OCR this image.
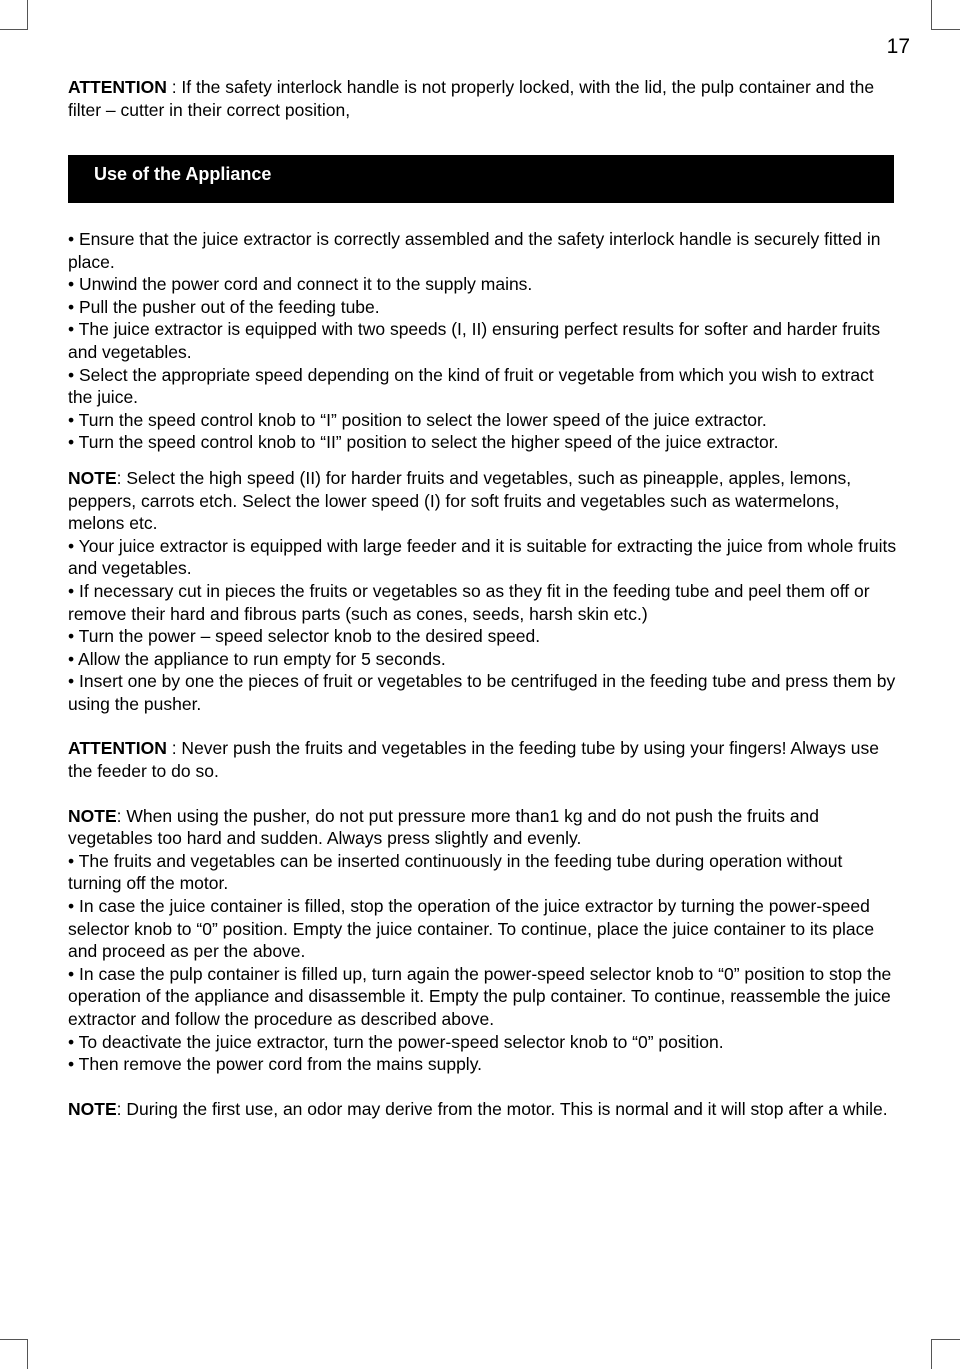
17
ATTENTION : If the safety interlock handle is not properly locked, with the lid, the pulp container and the filter – cutter in their correct position,
Use of the Appliance

• Ensure that the juice extractor is correctly assembled and the safety interlock handle is securely fitted in place.

• Unwind the power cord and connect it to the supply mains.

• Pull the pusher out of the feeding tube.

• The juice extractor is equipped with two speeds (I, II) ensuring perfect results for softer and harder fruits and vegetables.

• Select the appropriate speed depending on the kind of fruit or vegetable from which you wish to extract the juice.

• Turn the speed control knob to “I” position to select the lower speed of the juice extractor.

• Turn the speed control knob to “II” position to select the higher speed of the juice extractor.

NOTE: Select the high speed (II) for harder fruits and vegetables, such as pineapple, apples, lemons, peppers, carrots etch. Select the lower speed (I) for soft fruits and vegetables such as watermelons, melons etc.

• Your juice extractor is equipped with large feeder and it is suitable for extracting the juice from whole fruits and vegetables.

• If necessary cut in pieces the fruits or vegetables so as they fit in the feeding tube and peel them off or remove their hard and fibrous parts (such as cones, seeds, harsh skin etc.)

• Turn the power – speed selector knob to the desired speed.

• Allow the appliance to run empty for 5 seconds.

• Insert one by one the pieces of fruit or vegetables to be centrifuged in the feeding tube and press them by using the pusher.

ATTENTION : Never push the fruits and vegetables in the feeding tube by using your fingers! Always use the feeder to do so.

NOTE: When using the pusher, do not put pressure more than1 kg and do not push the fruits and vegetables too hard and sudden. Always press slightly and evenly.

• The fruits and vegetables can be inserted continuously in the feeding tube during operation without turning off the motor.

• In case the juice container is filled, stop the operation of the juice extractor by turning the power-speed selector knob to “0” position. Empty the juice container. To continue, place the juice container to its place and proceed as per the above.

• In case the pulp container is filled up, turn again the power-speed selector knob to “0” position to stop the operation of the appliance and disassemble it. Empty the pulp container. To continue, reassemble the juice extractor and follow the procedure as described above.

• To deactivate the juice extractor, turn the power-speed selector knob to “0” position.

• Then remove the power cord from the mains supply.

NOTE: During the first use, an odor may derive from the motor. This is normal and it will stop after a while.
